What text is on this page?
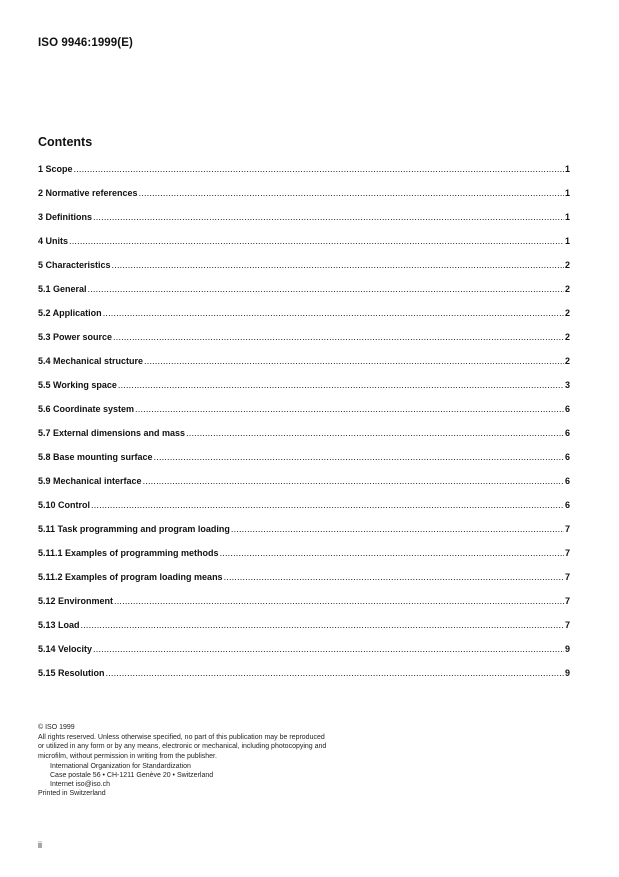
ISO 9946:1999(E)
Contents
1 Scope .....	1
2 Normative references .....	1
3 Definitions .....	1
4 Units .....	1
5 Characteristics .....	2
5.1 General .....	2
5.2 Application .....	2
5.3 Power source .....	2
5.4 Mechanical structure .....	2
5.5 Working space .....	3
5.6 Coordinate system .....	6
5.7 External dimensions and mass .....	6
5.8 Base mounting surface .....	6
5.9 Mechanical interface .....	6
5.10 Control .....	6
5.11 Task programming and program loading .....	7
5.11.1 Examples of programming methods .....	7
5.11.2 Examples of program loading means .....	7
5.12 Environment .....	7
5.13 Load .....	7
5.14 Velocity .....	9
5.15 Resolution .....	9
© ISO 1999
All rights reserved. Unless otherwise specified, no part of this publication may be reproduced
or utilized in any form or by any means, electronic or mechanical, including photocopying and
microfilm, without permission in writing from the publisher.
International Organization for Standardization
Case postale 56 • CH-1211 Genève 20 • Switzerland
Internet iso@iso.ch
Printed in Switzerland
ii
